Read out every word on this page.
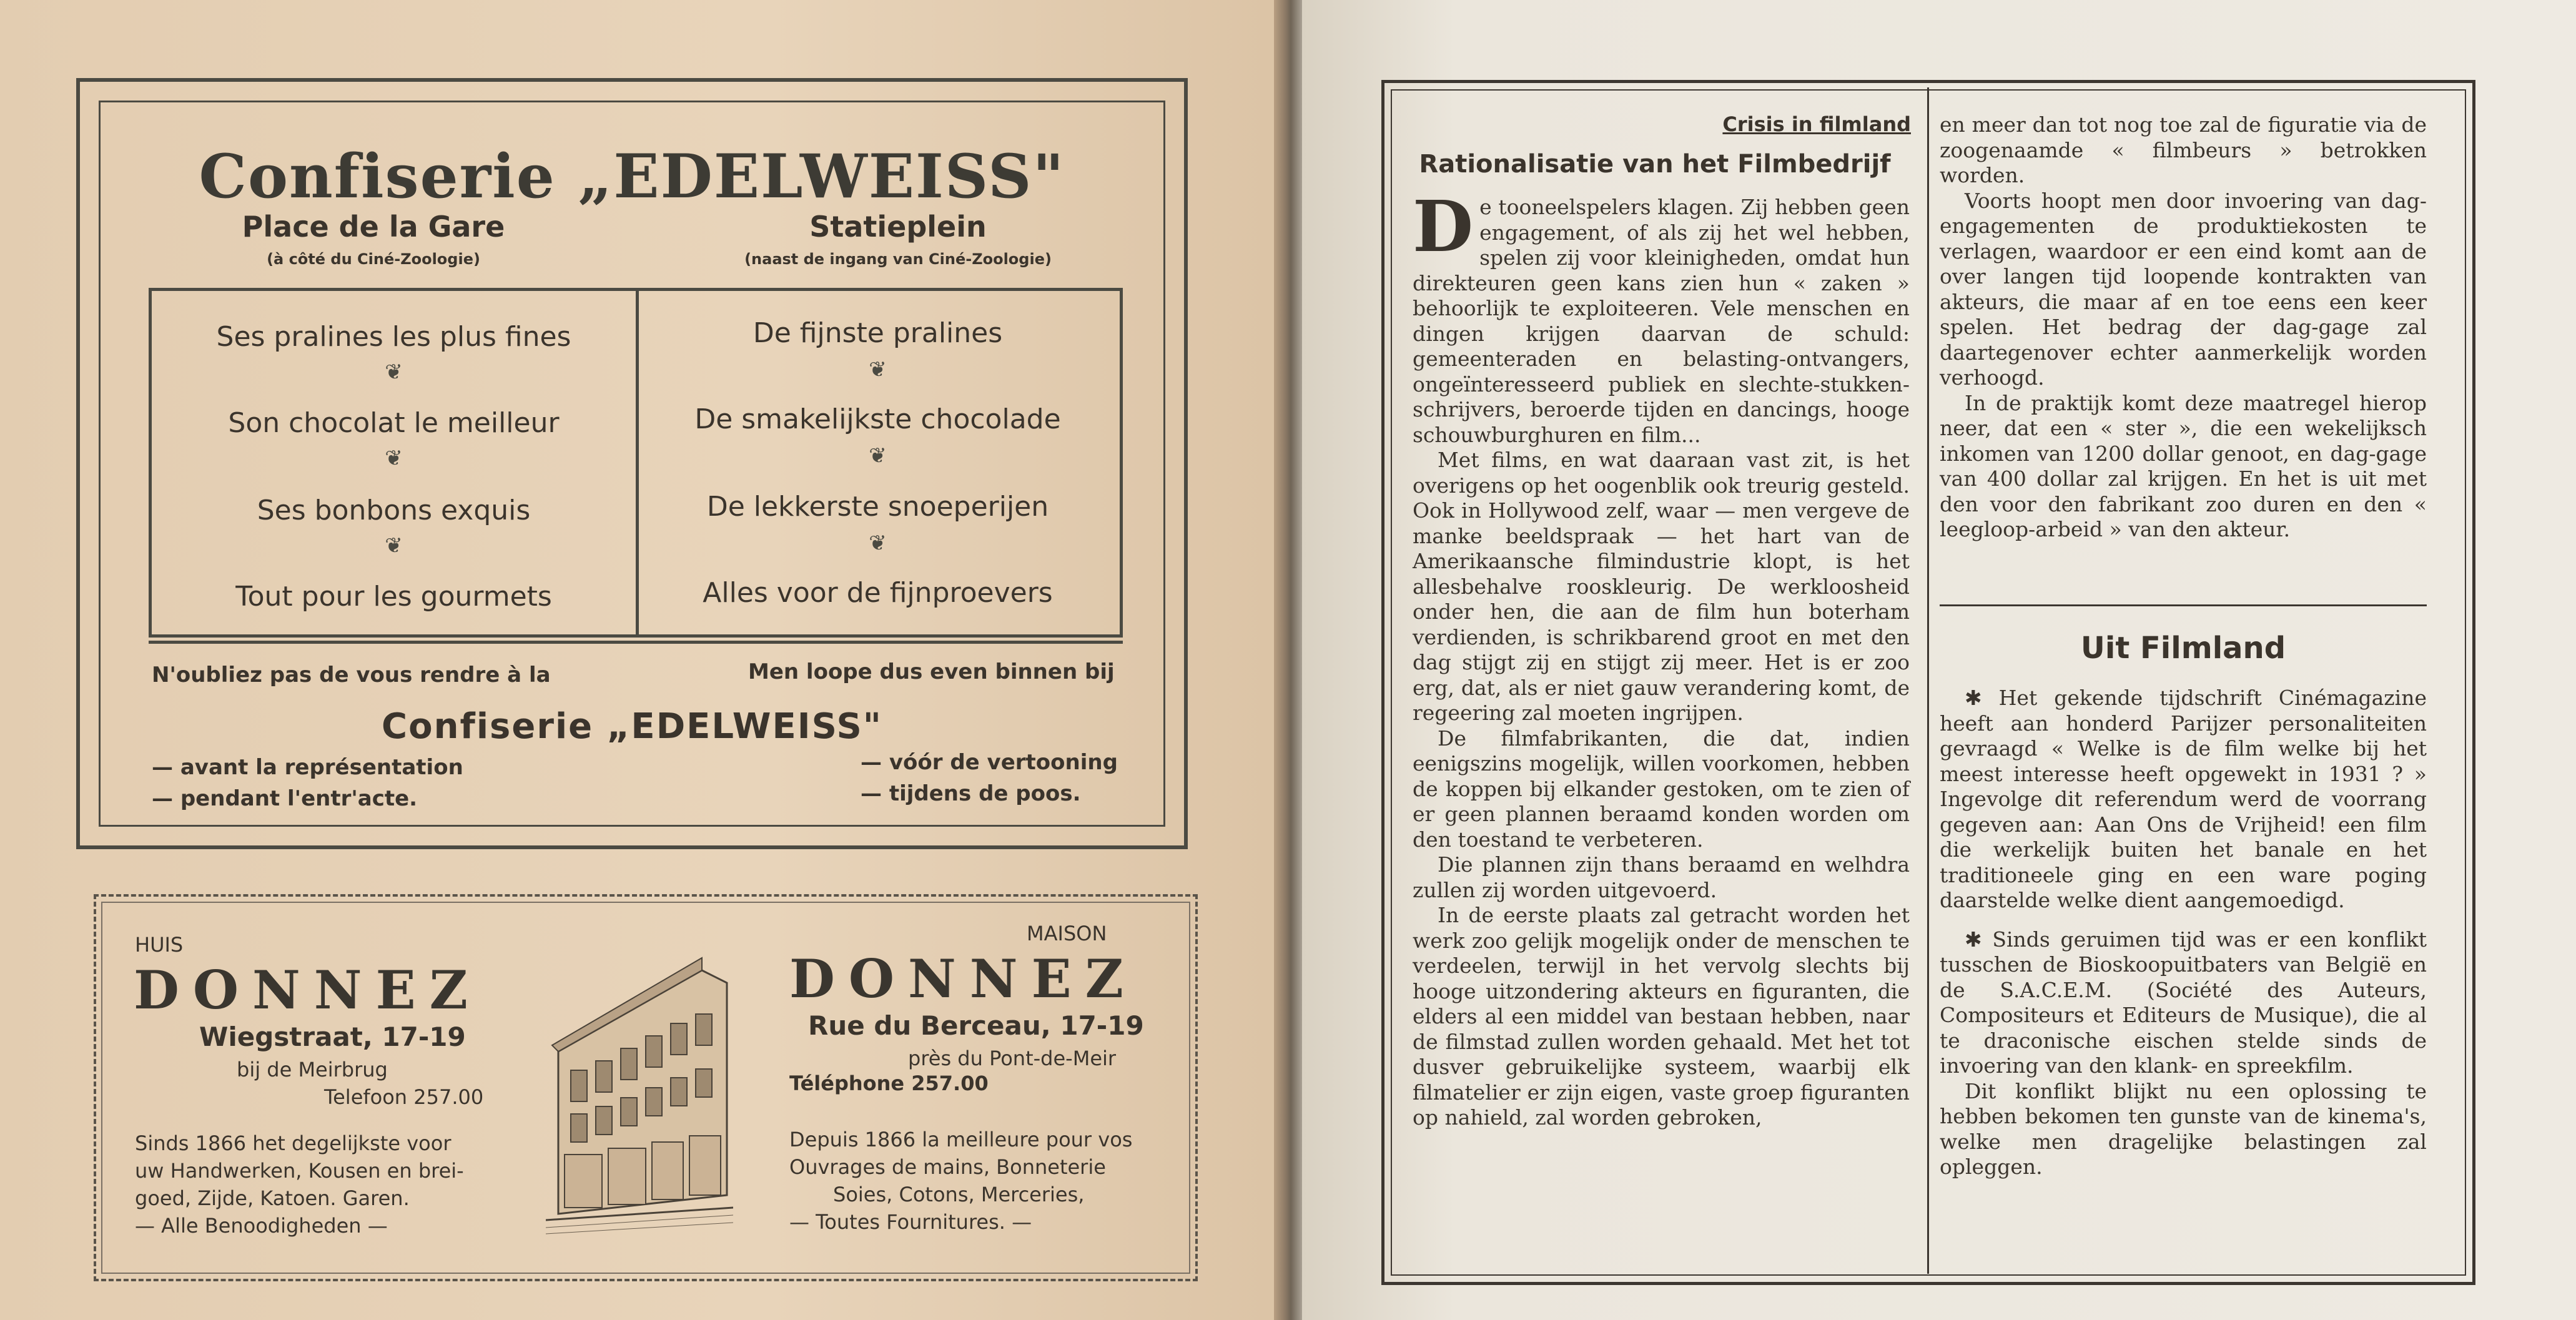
Confiserie „EDELWEISS"
Place de la Gare	Statieplein
(à côté du Ciné-Zoologie)	(naast de ingang van Ciné-Zoologie)
Ses pralines les plus fines
❦
Son chocolat le meilleur
❦
Ses bonbons exquis
❦
Tout pour les gourmets
De fijnste pralines
❦
De smakelijkste chocolade
❦
De lekkerste snoeperijen
❦
Alles voor de fijnproevers
N'oubliez pas de vous rendre à la	Men loope dus even binnen bij
Confiserie „EDELWEISS"
— avant la représentation
— pendant l'entr'acte.
— vóór de vertooning
— tijdens de poos.
HUIS
DONNEZ
Wiegstraat, 17-19
bij de Meirbrug
Telefoon 257.00
Sinds 1866 het degelijkste voor
uw Handwerken, Kousen en brei-
goed, Zijde, Katoen. Garen.
— Alle Benoodigheden —
MAISON
DONNEZ
Rue du Berceau, 17-19
près du Pont-de-Meir
Téléphone 257.00
Depuis 1866 la meilleure pour vos
Ouvrages de mains, Bonneterie
Soies, Cotons, Merceries,
— Toutes Fournitures. —
Crisis in filmland
Rationalisatie van het Filmbedrijf
D e tooneelspelers klagen. Zij hebben geen engagement, of als zij het wel hebben, spelen zij voor kleinigheden, omdat hun direkteuren geen kans zien hun « zaken » behoorlijk te exploiteeren. Vele menschen en dingen krijgen daarvan de schuld: gemeenteraden en belasting-ontvangers, ongeïnteresseerd publiek en slechte-stukken-schrijvers, beroerde tijden en dancings, hooge schouwburghuren en film...

Met films, en wat daaraan vast zit, is het overigens op het oogenblik ook treurig gesteld. Ook in Hollywood zelf, waar — men vergeve de manke beeldspraak — het hart van de Amerikaansche filmindustrie klopt, is het allesbehalve rooskleurig. De werkloosheid onder hen, die aan de film hun boterham verdienden, is schrikbarend groot en met den dag stijgt zij en stijgt zij meer. Het is er zoo erg, dat, als er niet gauw verandering komt, de regeering zal moeten ingrijpen.

De filmfabrikanten, die dat, indien eenigszins mogelijk, willen voorkomen, hebben de koppen bij elkander gestoken, om te zien of er geen plannen beraamd konden worden om den toestand te verbeteren.

Die plannen zijn thans beraamd en welhdra zullen zij worden uitgevoerd.

In de eerste plaats zal getracht worden het werk zoo gelijk mogelijk onder de menschen te verdeelen, terwijl in het vervolg slechts bij hooge uitzondering akteurs en figuranten, die elders al een middel van bestaan hebben, naar de filmstad zullen worden gehaald. Met het tot dusver gebruikelijke systeem, waarbij elk filmatelier er zijn eigen, vaste groep figuranten op nahield, zal worden gebroken,

en meer dan tot nog toe zal de figuratie via de zoogenaamde « filmbeurs » betrokken worden.

Voorts hoopt men door invoering van dag-engagementen de produktiekosten te verlagen, waardoor er een eind komt aan de over langen tijd loopende kontrakten van akteurs, die maar af en toe eens een keer spelen. Het bedrag der dag-gage zal daartegenover echter aanmerkelijk worden verhoogd.

In de praktijk komt deze maatregel hierop neer, dat een « ster », die een wekelijksch inkomen van 1200 dollar genoot, en dag-gage van 400 dollar zal krijgen. En het is uit met den voor den fabrikant zoo duren en den « leegloop-arbeid » van den akteur.

Uit Filmland

✱ Het gekende tijdschrift Cinémagazine heeft aan honderd Parijzer personaliteiten gevraagd « Welke is de film welke bij het meest interesse heeft opgewekt in 1931 ? » Ingevolge dit referendum werd de voorrang gegeven aan: Aan Ons de Vrijheid! een film die werkelijk buiten het banale en het traditioneele ging en een ware poging daarstelde welke dient aangemoedigd.

✱ Sinds geruimen tijd was er een konflikt tusschen de Bioskoopuitbaters van België en de S.A.C.E.M. (Société des Auteurs, Compositeurs et Editeurs de Musique), die al te draconische eischen stelde sinds de invoering van den klank- en spreekfilm.

Dit konflikt blijkt nu een oplossing te hebben bekomen ten gunste van de kinema's, welke men dragelijke belastingen zal opleggen.
